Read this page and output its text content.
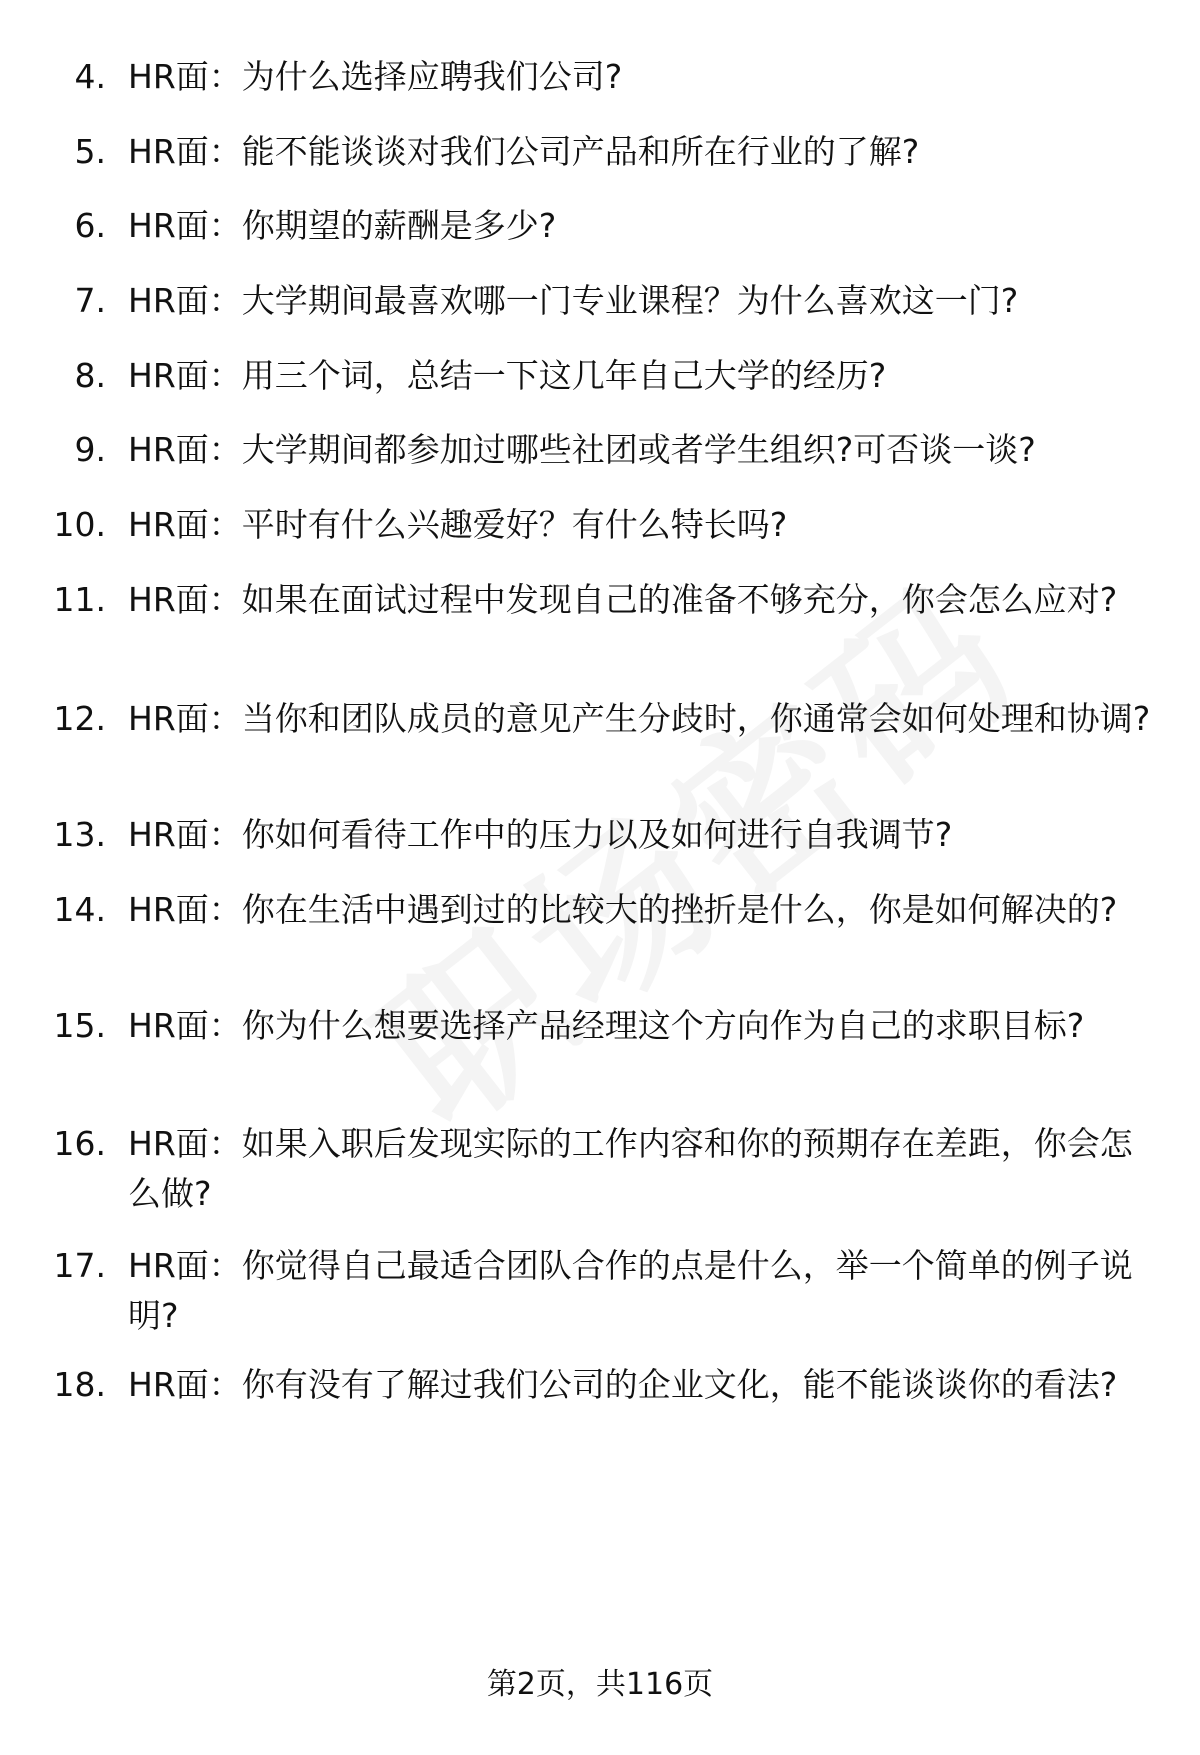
4. HR面：为什么选择应聘我们公司?
5. HR面：能不能谈谈对我们公司产品和所在行业的了解?
6. HR面：你期望的薪酬是多少?
7. HR面：大学期间最喜欢哪一门专业课程？为什么喜欢这一门?
8. HR面：用三个词，总结一下这几年自己大学的经历?
9. HR面：大学期间都参加过哪些社团或者学生组织?可否谈一谈?
10. HR面：平时有什么兴趣爱好？有什么特长吗?
11. HR面：如果在面试过程中发现自己的准备不够充分，你会怎么应对?
12. HR面：当你和团队成员的意见产生分歧时，你通常会如何处理和协调?
13. HR面：你如何看待工作中的压力以及如何进行自我调节?
14. HR面：你在生活中遇到过的比较大的挫折是什么，你是如何解决的?
15. HR面：你为什么想要选择产品经理这个方向作为自己的求职目标?
16. HR面：如果入职后发现实际的工作内容和你的预期存在差距，你会怎么做?
17. HR面：你觉得自己最适合团队合作的点是什么，举一个简单的例子说明?
18. HR面：你有没有了解过我们公司的企业文化，能不能谈谈你的看法?
第2页，共116页
